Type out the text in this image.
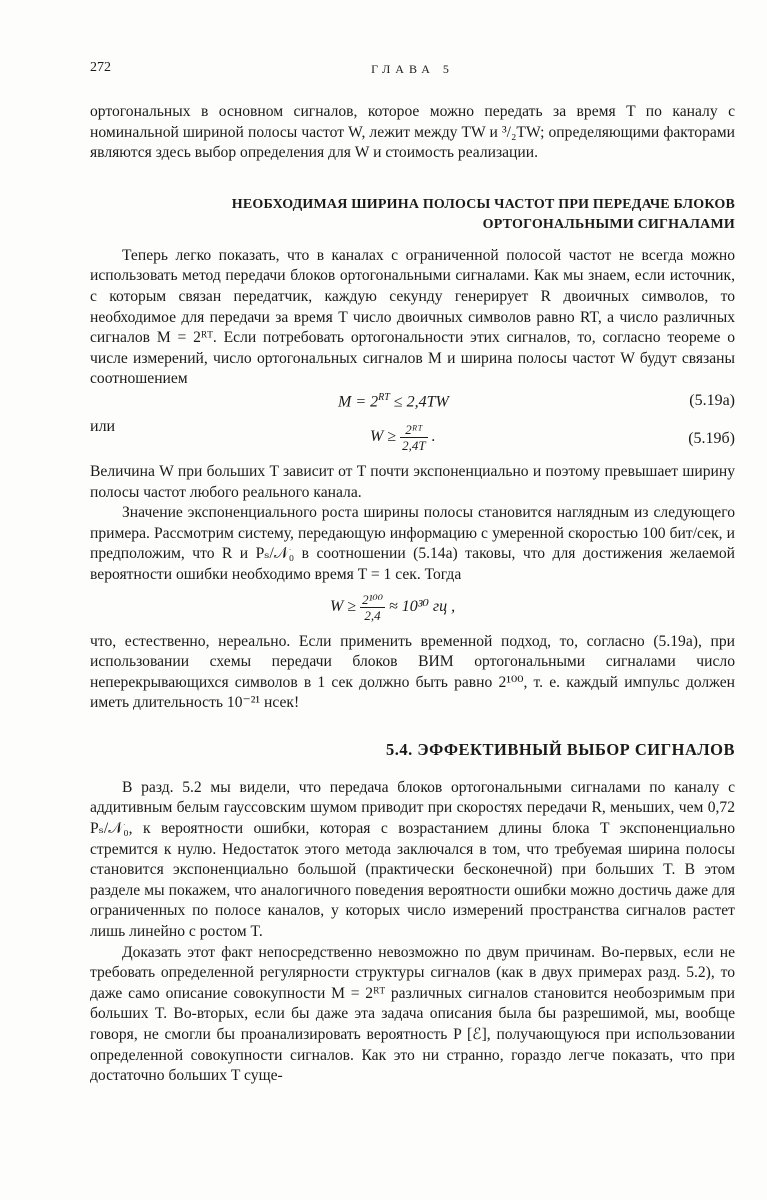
272	ГЛАВА 5

ортогональных в основном сигналов, которое можно передать за время T по каналу с номинальной шириной полосы частот W, лежит между TW и ³/₂TW; определяющими факторами являются здесь выбор определения для W и стоимость реализации.

НЕОБХОДИМАЯ ШИРИНА ПОЛОСЫ ЧАСТОТ ПРИ ПЕРЕДАЧЕ БЛОКОВ

ОРТОГОНАЛЬНЫМИ СИГНАЛАМИ

Теперь легко показать, что в каналах с ограниченной полосой частот не всегда можно использовать метод передачи блоков ортогональными сигналами. Как мы знаем, если источник, с которым связан передатчик, каждую секунду генерирует R двоичных символов, то необходимое для передачи за время T число двоичных символов равно RT, а число различных сигналов M = 2ᴿᵀ. Если потребовать ортогональности этих сигналов, то, согласно теореме о числе измерений, число ортогональных сигналов M и ширина полосы частот W будут связаны соотношением

$M = 2^{RT} \le 2,4TW$	(5.19а)
или
$W \ge \frac{\text{2ᴿᵀ}}{2,4T}$ .	(5.19б)

Величина W при больших T зависит от T почти экспоненциально и поэтому превышает ширину полосы частот любого реального канала.

Значение экспоненциального роста ширины полосы становится наглядным из следующего примера. Рассмотрим систему, передающую информацию с умеренной скоростью 100 бит/сек, и предположим, что R и Pₛ/𝒩₀ в соотношении (5.14а) таковы, что для достижения желаемой вероятности ошибки необходимо время T = 1 сек. Тогда

$W \ge \frac{\text{2¹⁰⁰}}{2,4} \approx 10^{30}$ гц ,

что, естественно, нереально. Если применить временной подход, то, согласно (5.19а), при использовании схемы передачи блоков ВИМ ортогональными сигналами число неперекрывающихся символов в 1 сек должно быть равно 2¹⁰⁰, т. е. каждый импульс должен иметь длительность 10⁻²¹ нсек!

5.4. ЭФФЕКТИВНЫЙ ВЫБОР СИГНАЛОВ

В разд. 5.2 мы видели, что передача блоков ортогональными сигналами по каналу с аддитивным белым гауссовским шумом приводит при скоростях передачи R, меньших, чем 0,72 Pₛ/𝒩₀, к вероятности ошибки, которая с возрастанием длины блока T экспоненциально стремится к нулю. Недостаток этого метода заключался в том, что требуемая ширина полосы становится экспоненциально большой (практически бесконечной) при больших T. В этом разделе мы покажем, что аналогичного поведения вероятности ошибки можно достичь даже для ограниченных по полосе каналов, у которых число измерений пространства сигналов растет лишь линейно с ростом T.

Доказать этот факт непосредственно невозможно по двум причинам. Во-первых, если не требовать определенной регулярности структуры сигналов (как в двух примерах разд. 5.2), то даже само описание совокупности M = 2ᴿᵀ различных сигналов становится необозримым при больших T. Во-вторых, если бы даже эта задача описания была бы разрешимой, мы, вообще говоря, не смогли бы проанализировать вероятность P [ℰ], получающуюся при использовании определенной совокупности сигналов. Как это ни странно, гораздо легче показать, что при достаточно больших T суще-
